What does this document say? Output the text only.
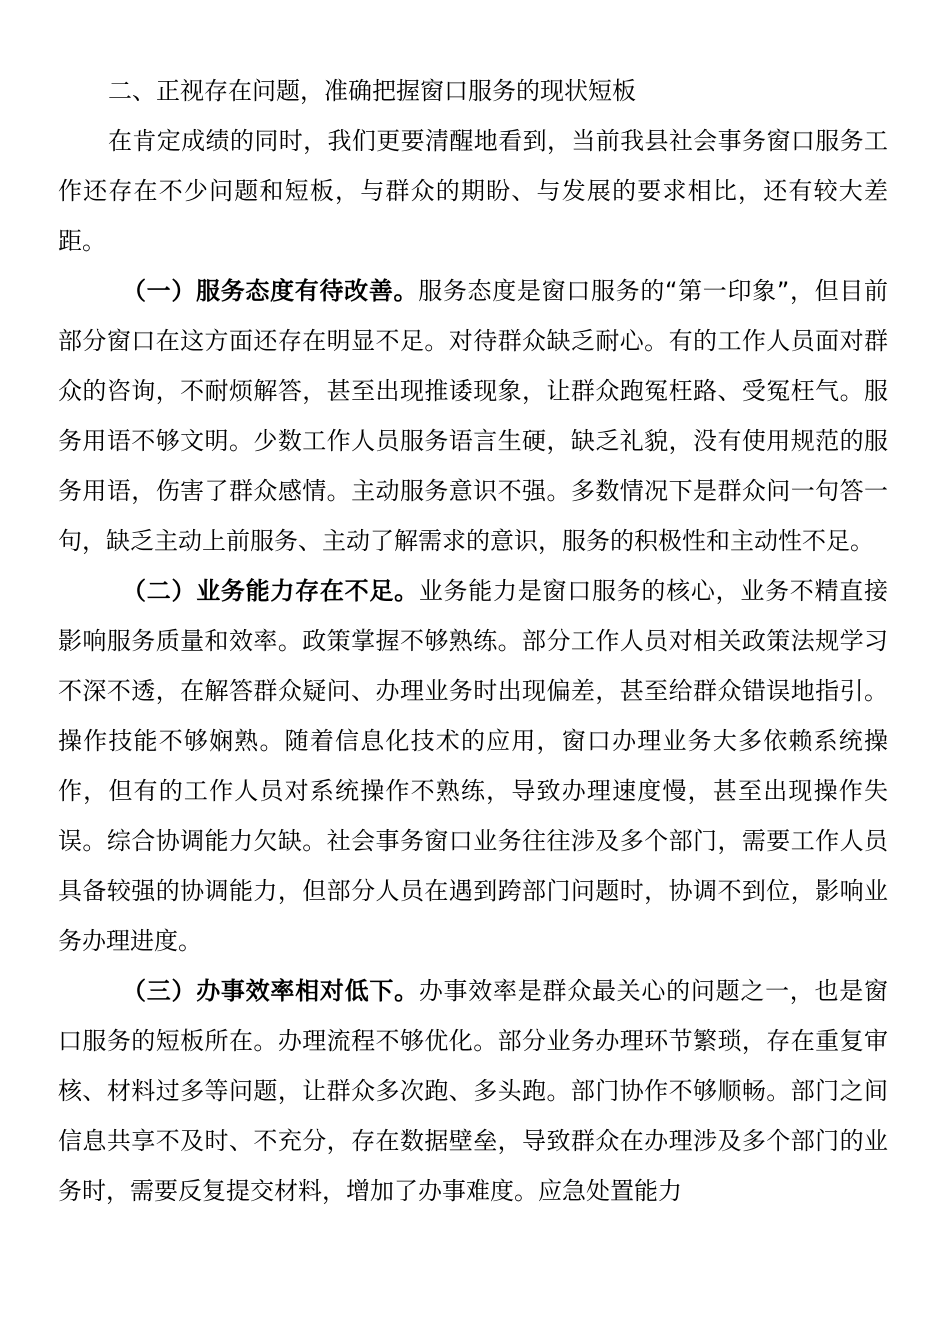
二、正视存在问题，准确把握窗口服务的现状短板

在肯定成绩的同时，我们更要清醒地看到，当前我县社会事务窗口服务工作还存在不少问题和短板，与群众的期盼、与发展的要求相比，还有较大差距。

（一）服务态度有待改善。服务态度是窗口服务的“第一印象”，但目前部分窗口在这方面还存在明显不足。对待群众缺乏耐心。有的工作人员面对群众的咨询，不耐烦解答，甚至出现推诿现象，让群众跑冤枉路、受冤枉气。服务用语不够文明。少数工作人员服务语言生硬，缺乏礼貌，没有使用规范的服务用语，伤害了群众感情。主动服务意识不强。多数情况下是群众问一句答一句，缺乏主动上前服务、主动了解需求的意识，服务的积极性和主动性不足。

（二）业务能力存在不足。业务能力是窗口服务的核心，业务不精直接影响服务质量和效率。政策掌握不够熟练。部分工作人员对相关政策法规学习不深不透，在解答群众疑问、办理业务时出现偏差，甚至给群众错误地指引。操作技能不够娴熟。随着信息化技术的应用，窗口办理业务大多依赖系统操作，但有的工作人员对系统操作不熟练，导致办理速度慢，甚至出现操作失误。综合协调能力欠缺。社会事务窗口业务往往涉及多个部门，需要工作人员具备较强的协调能力，但部分人员在遇到跨部门问题时，协调不到位，影响业务办理进度。

（三）办事效率相对低下。办事效率是群众最关心的问题之一，也是窗口服务的短板所在。办理流程不够优化。部分业务办理环节繁琐，存在重复审核、材料过多等问题，让群众多次跑、多头跑。部门协作不够顺畅。部门之间信息共享不及时、不充分，存在数据壁垒，导致群众在办理涉及多个部门的业务时，需要反复提交材料，增加了办事难度。应急处置能力
